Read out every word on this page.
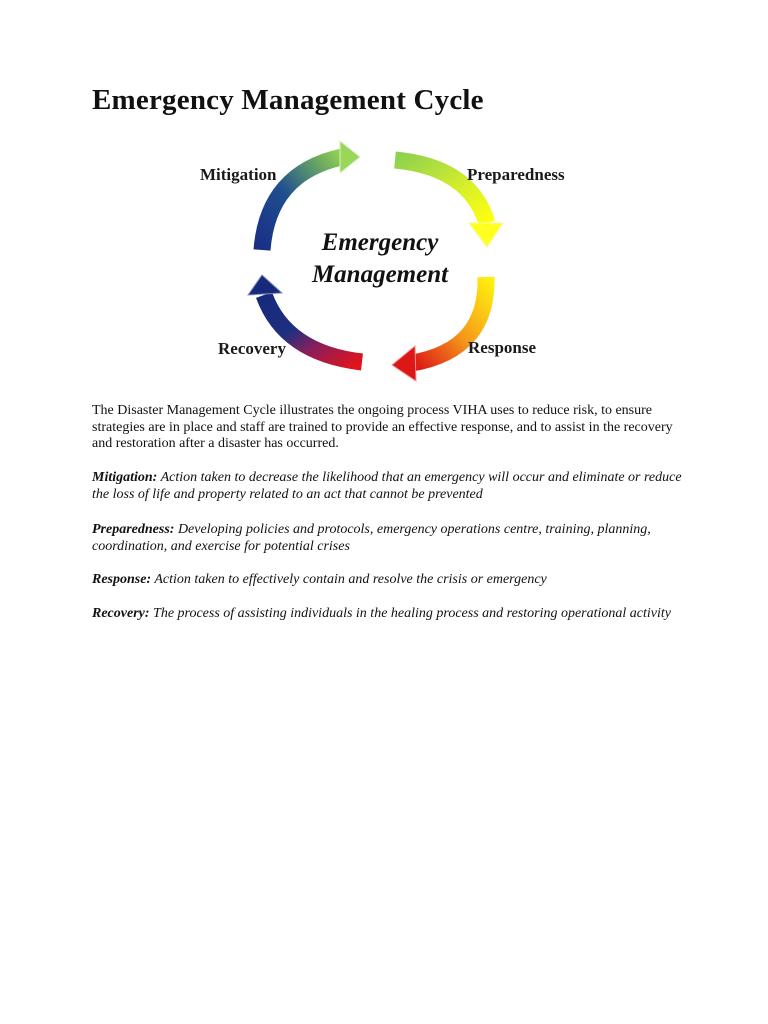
Emergency Management Cycle
Mitigation	Preparedness
Response
Recovery
Emergency
Management

The Disaster Management Cycle illustrates the ongoing process VIHA uses to reduce risk, to ensure strategies are in place and staff are trained to provide an effective response, and to assist in the recovery and restoration after a disaster has occurred.

Mitigation: Action taken to decrease the likelihood that an emergency will occur and eliminate or reduce the loss of life and property related to an act that cannot be prevented

Preparedness: Developing policies and protocols, emergency operations centre, training, planning, coordination, and exercise for potential crises

Response: Action taken to effectively contain and resolve the crisis or emergency

Recovery: The process of assisting individuals in the healing process and restoring operational activity
